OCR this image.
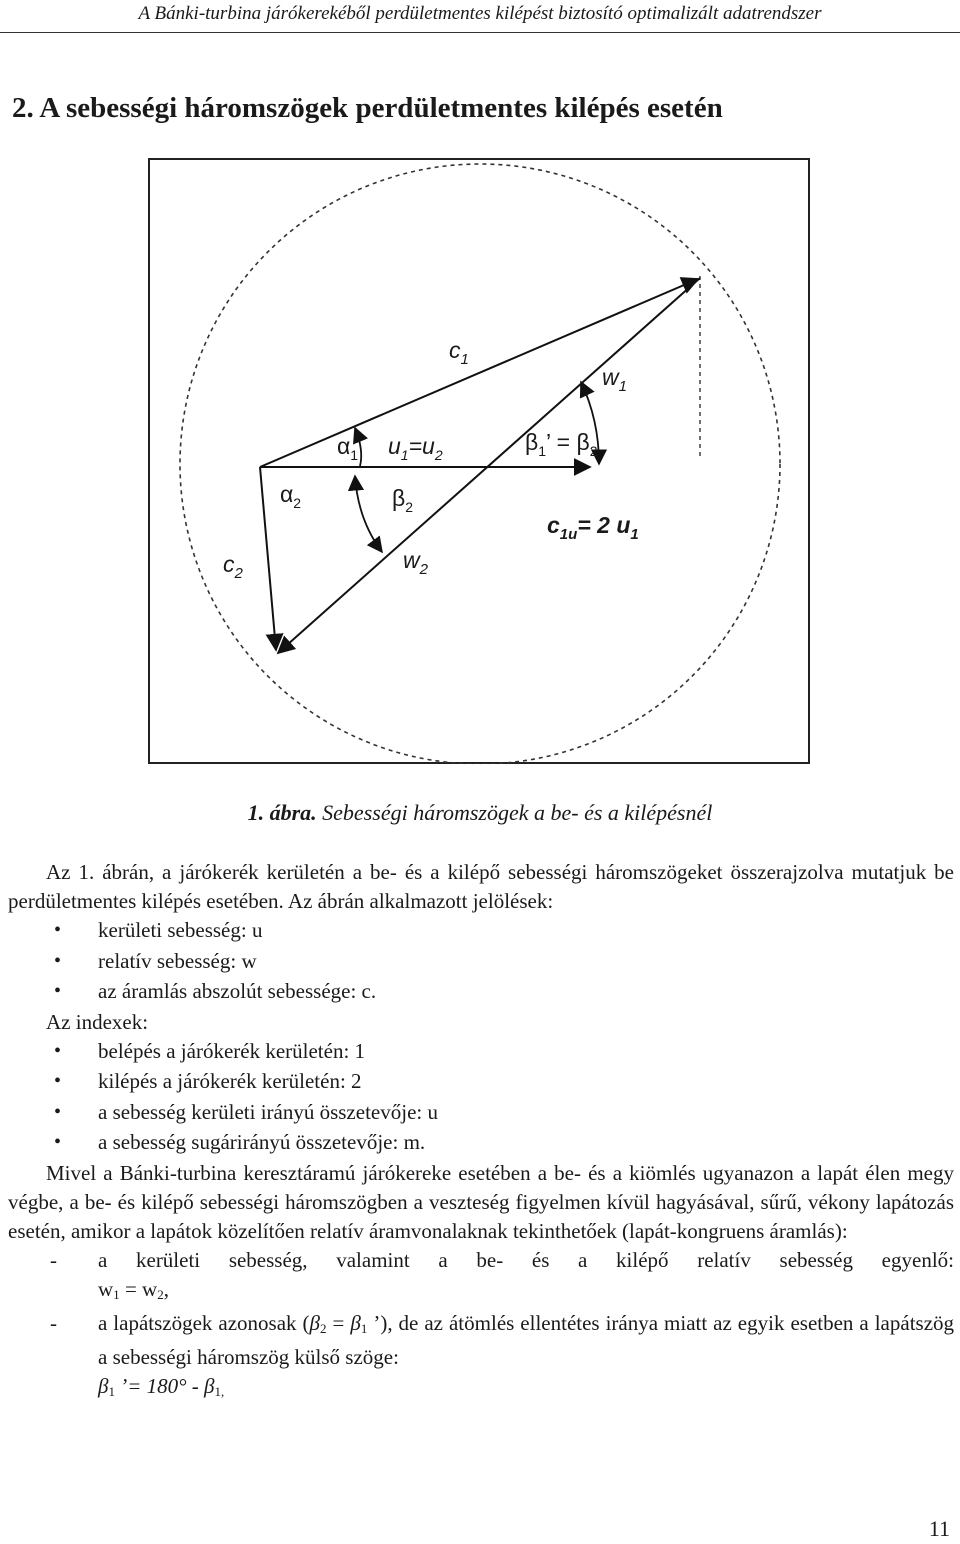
A Bánki-turbina járókerekéből perdületmentes kilépést biztosító optimalizált adatrendszer
2. A sebességi háromszögek perdületmentes kilépés esetén
$c_1$
$w_1$
$\alpha_1$ $u_1=u_2$	$\beta_1$’ = $\beta_2$
$\alpha_2$	$\beta_2$
$c_{1u}= 2$ $u_1$
$c_2$
$w_2$
1. ábra. Sebességi háromszögek a be- és a kilépésnél

Az 1. ábrán, a járókerék kerületén a be- és a kilépő sebességi háromszögeket összerajzolva mutatjuk be perdületmentes kilépés esetében. Az ábrán alkalmazott jelölések:

• kerületi sebesség: u
• relatív sebesség: w
• az áramlás abszolút sebessége: c.

Az indexek:

• belépés a járókerék kerületén: 1
• kilépés a járókerék kerületén: 2
• a sebesség kerületi irányú összetevője: u
• a sebesség sugárirányú összetevője: m.

Mivel a Bánki-turbina keresztáramú járókereke esetében a be- és a kiömlés ugyanazon a lapát élen megy végbe, a be- és kilépő sebességi háromszögben a veszteség figyelmen kívül hagyásával, sűrű, vékony lapátozás esetén, amikor a lapátok közelítően relatív áramvonalaknak tekinthetőek (lapát-kongruens áramlás):

- a kerületi sebesség, valamint a be- és a kilépő relatív sebesség egyenlő:
$w_1 = w_2$,
- a lapátszögek azonosak ($\beta_2 = \beta_1$ ’), de az átömlés ellentétes iránya miatt az egyik esetben a lapátszög a sebességi háromszög külső szöge:
$\beta_1$ ’= $180^\circ - \beta_{1,}$
11
